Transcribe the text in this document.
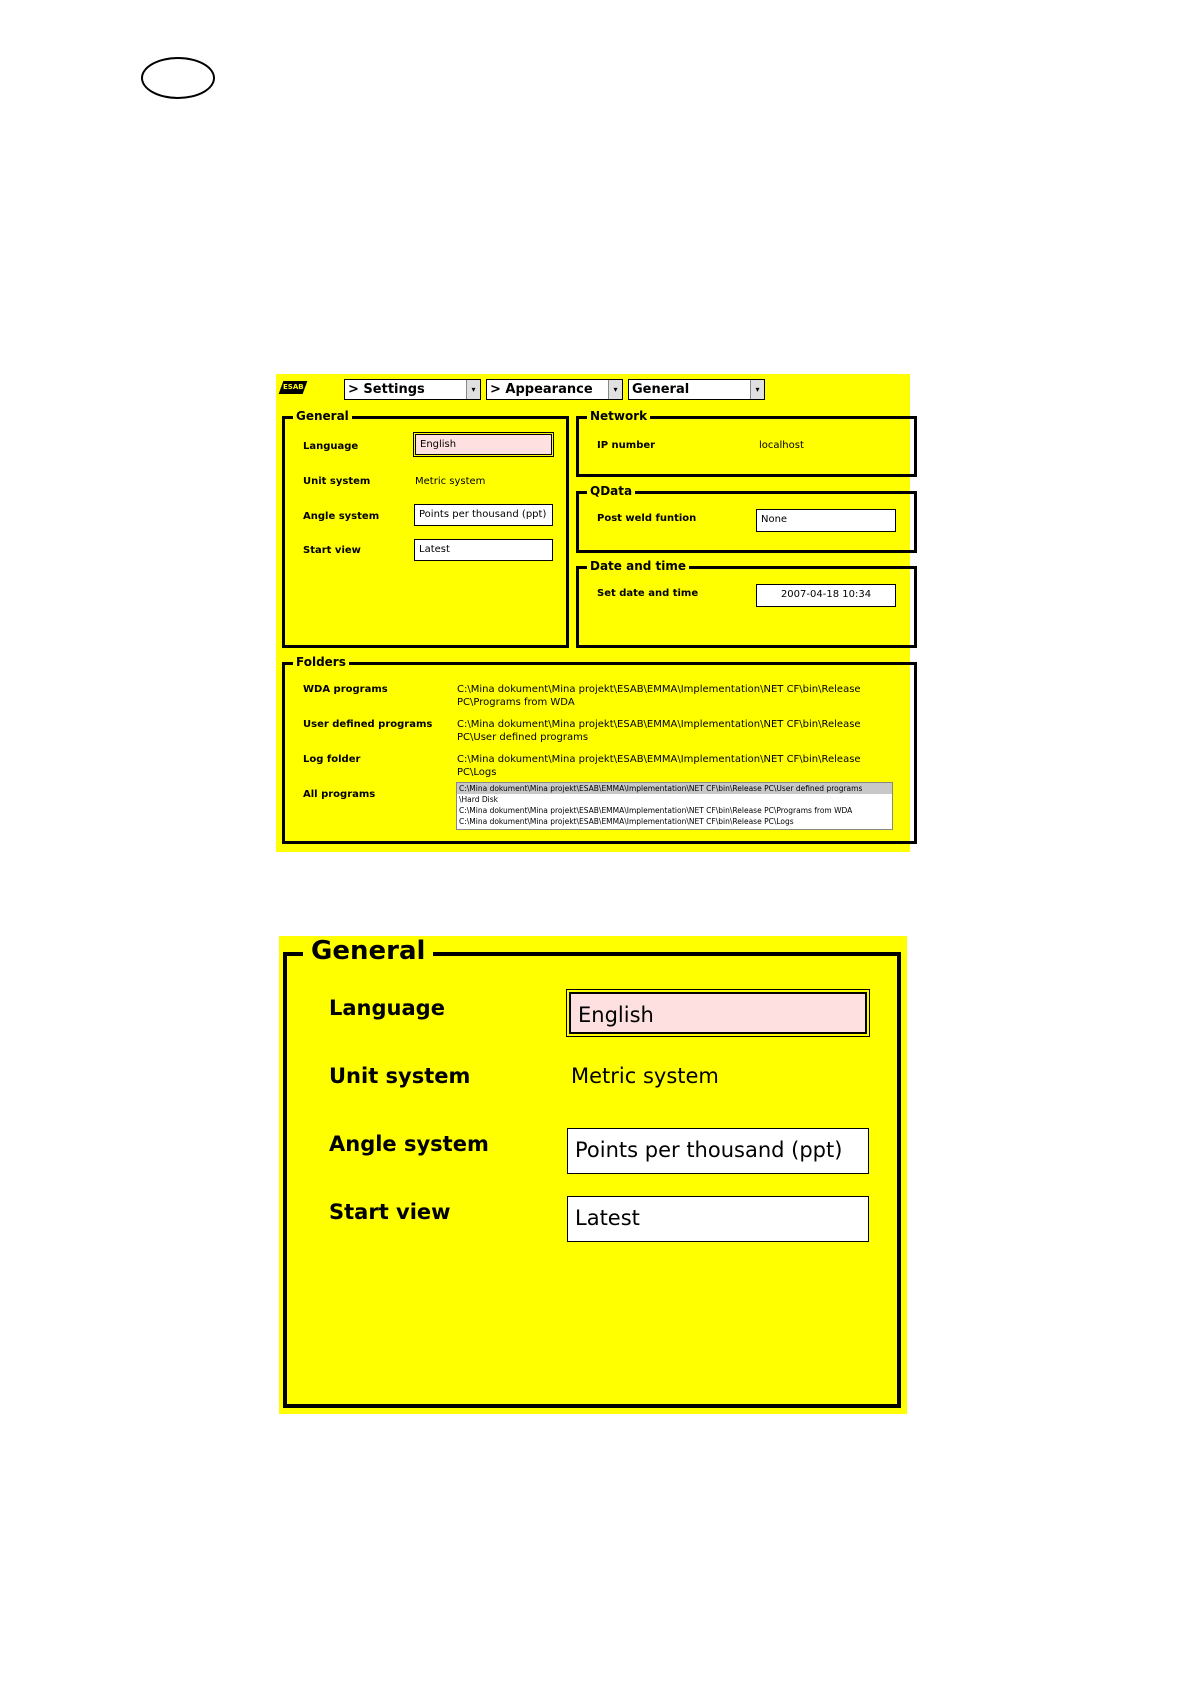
ESAB	> Settings	▾	> Appearance	▾	General	▾
General
Language	English
Unit system	Metric system
Angle system	Points per thousand (ppt)
Start view	Latest
Network
IP number	localhost
QData
Post weld funtion	None
Date and time
Set date and time	2007-04-18 10:34
Folders
WDA programs	C:\Mina dokument\Mina projekt\ESAB\EMMA\Implementation\NET CF\bin\Release
PC\Programs from WDA
User defined programs C:\Mina dokument\Mina projekt\ESAB\EMMA\Implementation\NET CF\bin\Release
PC\User defined programs
Log folder	C:\Mina dokument\Mina projekt\ESAB\EMMA\Implementation\NET CF\bin\Release
PC\Logs
All programs
C:\Mina dokument\Mina projekt\ESAB\EMMA\Implementation\NET CF\bin\Release PC\User defined programs
\Hard Disk
C:\Mina dokument\Mina projekt\ESAB\EMMA\Implementation\NET CF\bin\Release PC\Programs from WDA
C:\Mina dokument\Mina projekt\ESAB\EMMA\Implementation\NET CF\bin\Release PC\Logs
General
Language	English
Unit system	Metric system
Angle system	Points per thousand (ppt)
Start view	Latest
